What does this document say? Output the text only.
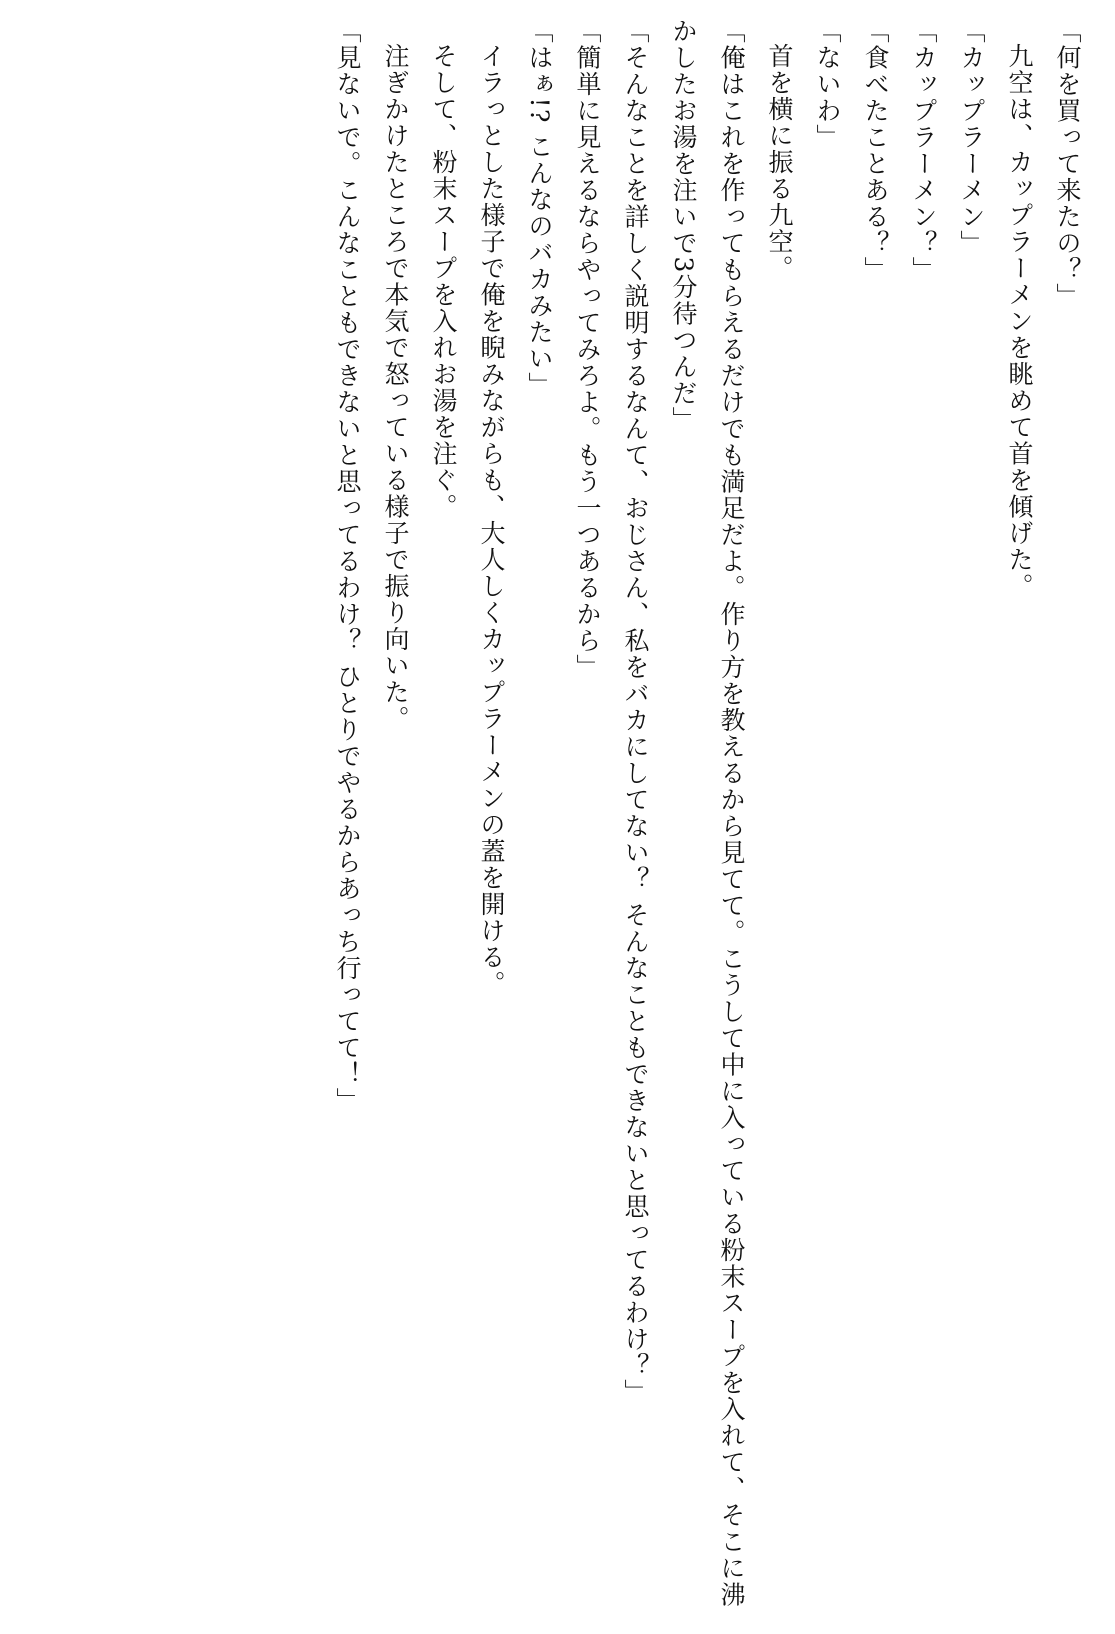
「何を買って来たの？」
九空は、カップラーメンを眺めて首を傾げた。
「カップラーメン」
「カップラーメン？」
「食べたことある？」
「ないわ」
首を横に振る九空。
「俺はこれを作ってもらえるだけでも満足だよ。作り方を教えるから見てて。こうして中に入っている粉末スープを入れて、そこに沸かしたお湯を注いで3分待つんだ」
「そんなことを詳しく説明するなんて、おじさん、私をバカにしてない？ そんなこともできないと思ってるわけ？」
「簡単に見えるならやってみろよ。もう一つあるから」
「はぁ!? こんなのバカみたい」
イラっとした様子で俺を睨みながらも、大人しくカップラーメンの蓋を開ける。
そして、粉末スープを入れお湯を注ぐ。
注ぎかけたところで本気で怒っている様子で振り向いた。
「見ないで。こんなこともできないと思ってるわけ？ ひとりでやるからあっち行ってて！」
